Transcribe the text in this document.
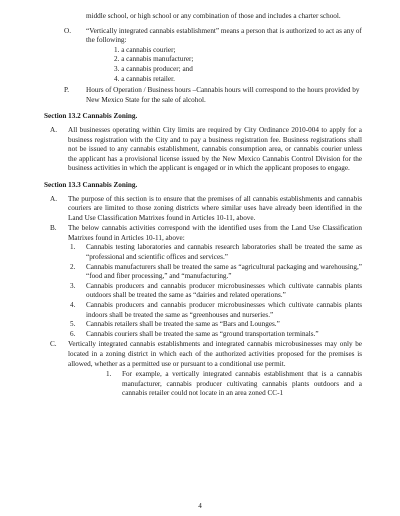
middle school, or high school or any combination of those and includes a charter school.

O. “Vertically integrated cannabis establishment” means a person that is authorized to act as any of the following:

1. a cannabis courier;

2. a cannabis manufacturer;

3. a cannabis producer; and

4. a cannabis retailer.

P. Hours of Operation / Business hours –Cannabis hours will correspond to the hours provided by New Mexico State for the sale of alcohol.

Section 13.2 Cannabis Zoning.

A. All businesses operating within City limits are required by City Ordinance 2010-004 to apply for a business registration with the City and to pay a business registration fee. Business registrations shall not be issued to any cannabis establishment, cannabis consumption area, or cannabis courier unless the applicant has a provisional license issued by the New Mexico Cannabis Control Division for the business activities in which the applicant is engaged or in which the applicant proposes to engage.

Section 13.3 Cannabis Zoning.

A. The purpose of this section is to ensure that the premises of all cannabis establishments and cannabis couriers are limited to those zoning districts where similar uses have already been identified in the Land Use Classification Matrixes found in Articles 10-11, above.

B. The below cannabis activities correspond with the identified uses from the Land Use Classification Matrixes found in Articles 10-11, above:

1. Cannabis testing laboratories and cannabis research laboratories shall be treated the same as “professional and scientific offices and services.”

2. Cannabis manufacturers shall be treated the same as “agricultural packaging and warehousing,” “food and fiber processing,” and “manufacturing.”

3. Cannabis producers and cannabis producer microbusinesses which cultivate cannabis plants outdoors shall be treated the same as “dairies and related operations.”

4. Cannabis producers and cannabis producer microbusinesses which cultivate cannabis plants indoors shall be treated the same as “greenhouses and nurseries.”

5. Cannabis retailers shall be treated the same as “Bars and Lounges.”

6. Cannabis couriers shall be treated the same as “ground transportation terminals.”

C. Vertically integrated cannabis establishments and integrated cannabis microbusinesses may only be located in a zoning district in which each of the authorized activities proposed for the premises is allowed, whether as a permitted use or pursuant to a conditional use permit.

1. For example, a vertically integrated cannabis establishment that is a cannabis manufacturer, cannabis producer cultivating cannabis plants outdoors and a cannabis retailer could not locate in an area zoned CC-1

4
